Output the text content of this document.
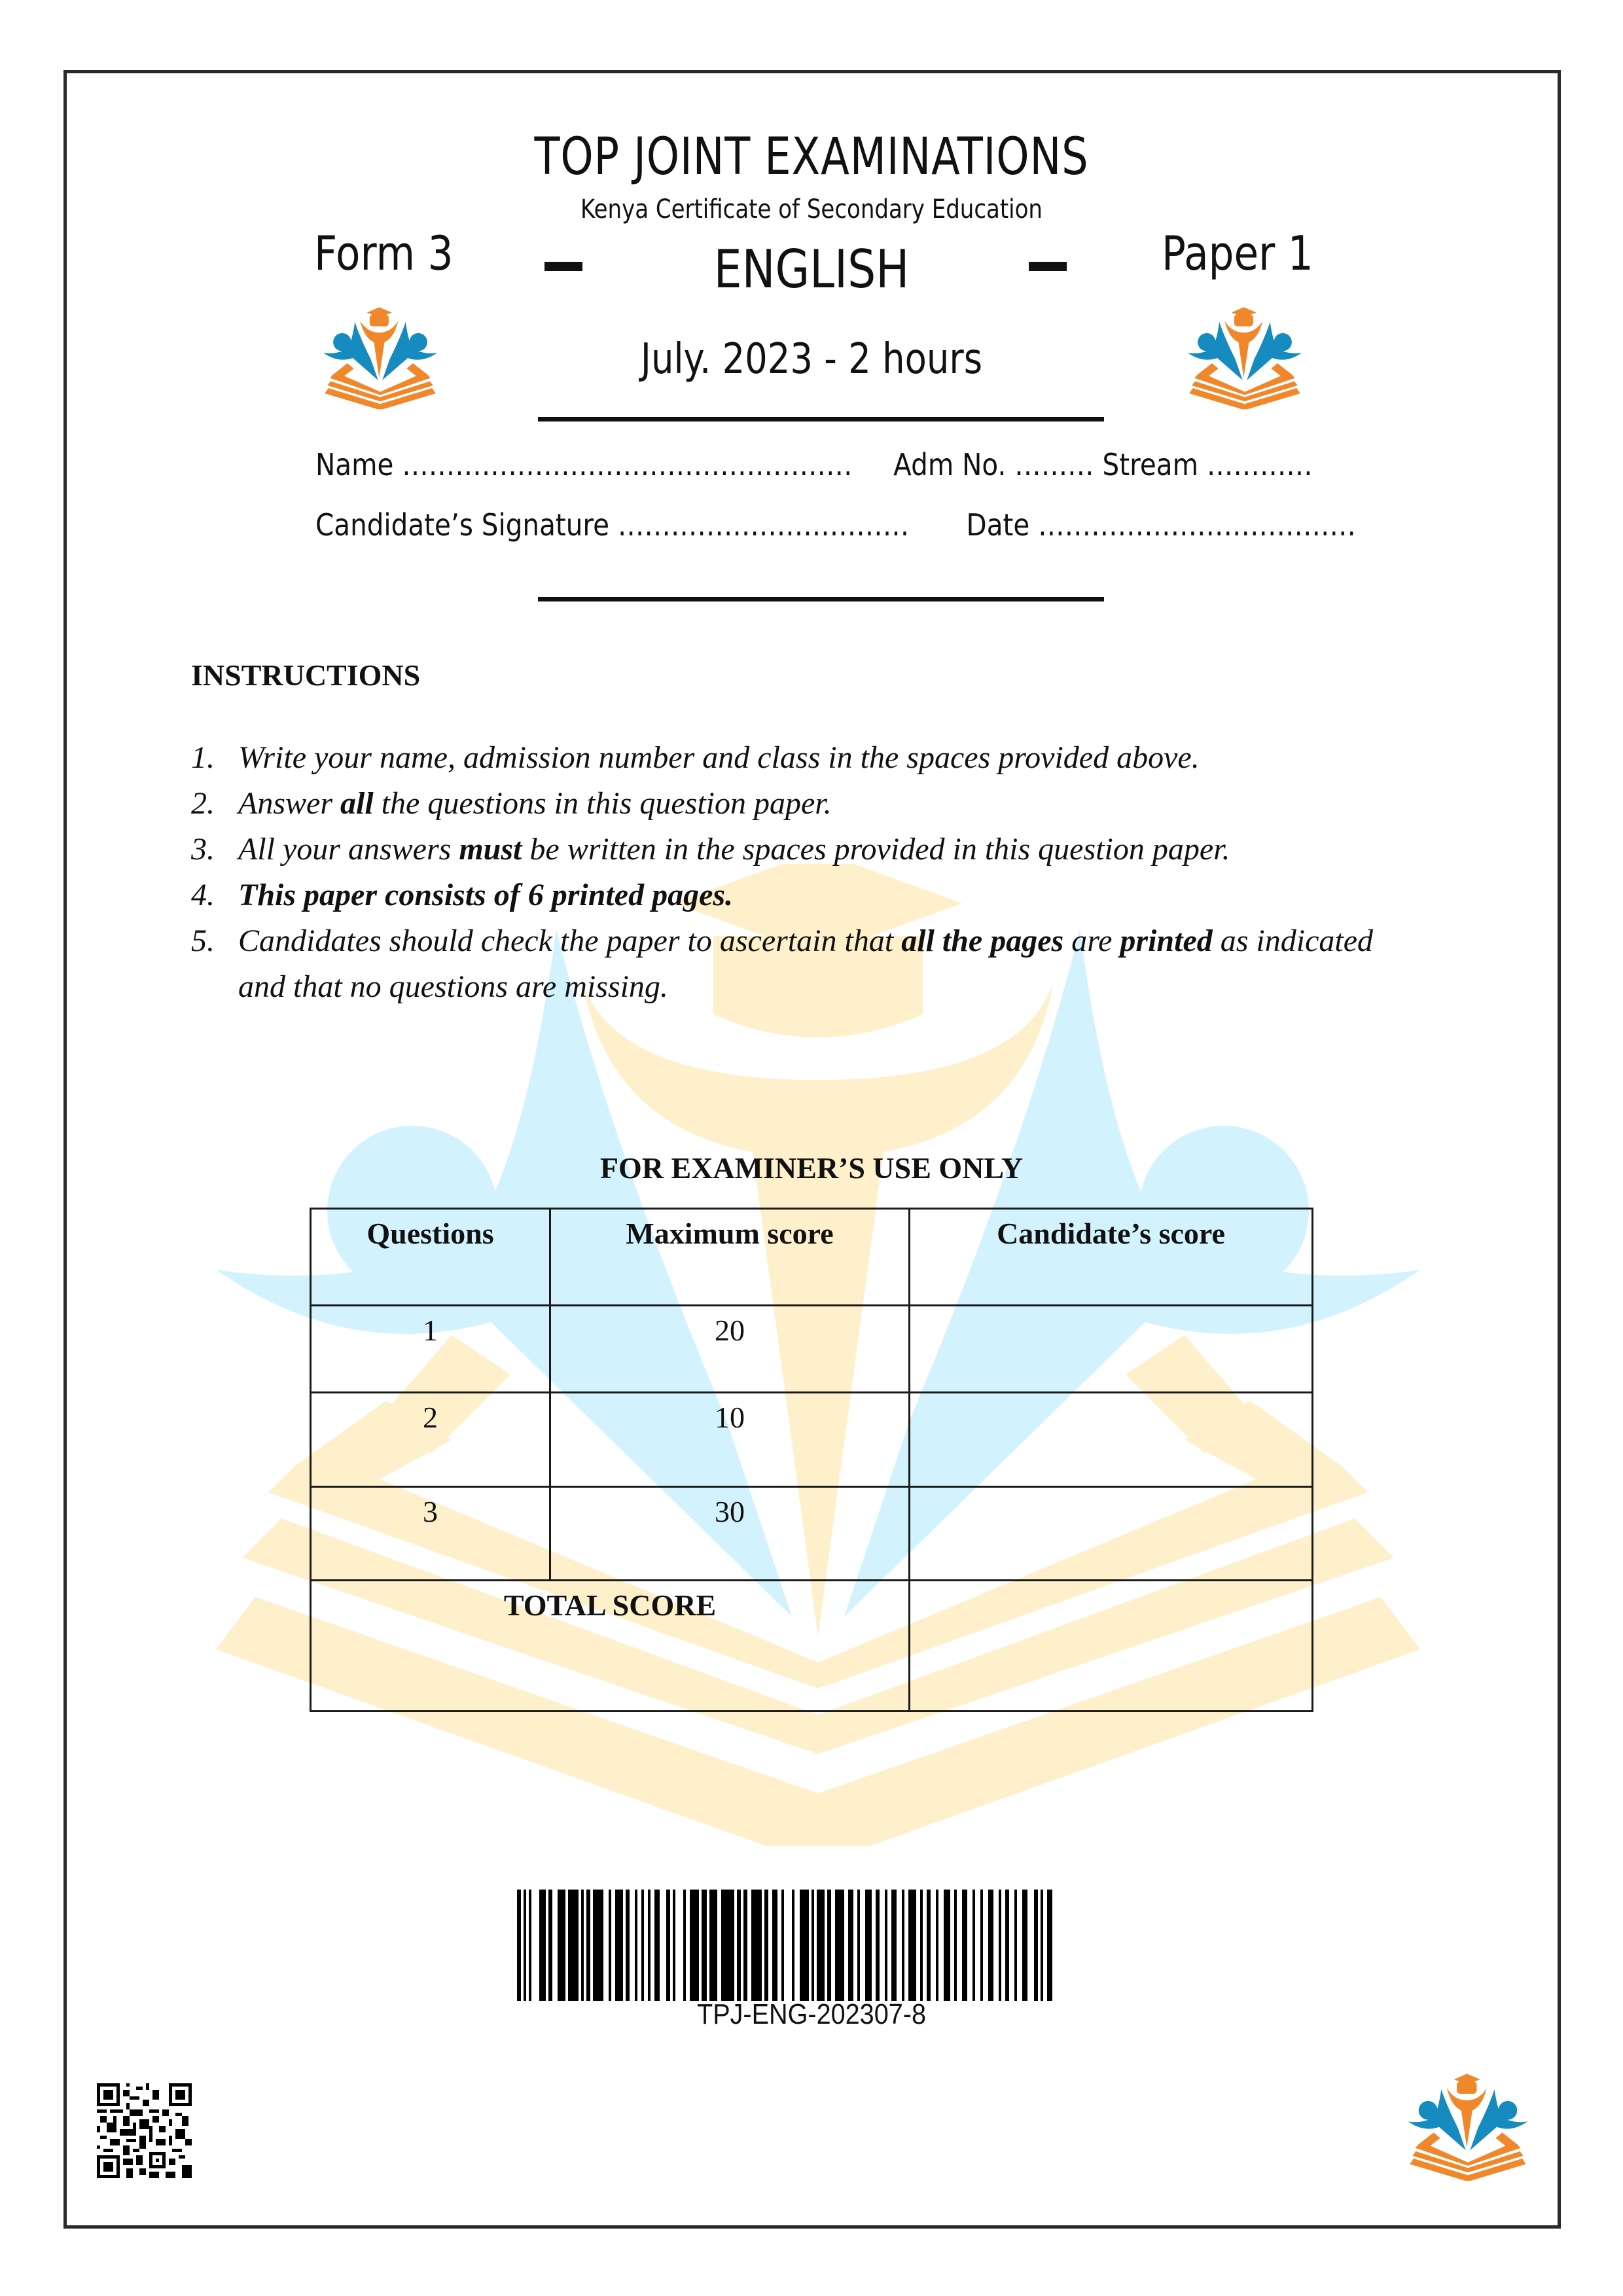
TOP JOINT EXAMINATIONS
Kenya Certificate of Secondary Education
Form 3	ENGLISH	Paper 1
July. 2023 - 2 hours
Name …………………………………………… Adm No. ……… Stream …………
Candidate’s Signature …………………………… Date ………………………………
INSTRUCTIONS
1. Write your name, admission number and class in the spaces provided above.
2. Answer all the questions in this question paper.
3. All your answers must be written in the spaces provided in this question paper.
4. This paper consists of 6 printed pages.
5. Candidates should check the paper to ascertain that all the pages are printed as indicated
and that no questions are missing.
FOR EXAMINER’S USE ONLY
Questions	Maximum score	Candidate’s score
1	20	
2	10	
3	30	
TOTAL SCORE		
TPJ-ENG-202307-8
